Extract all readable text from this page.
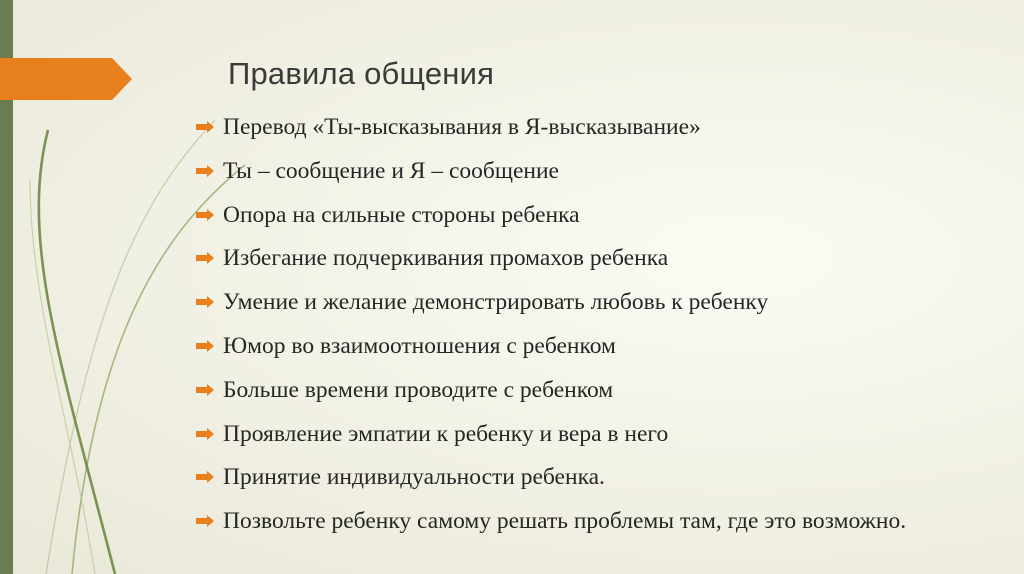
Правила общения
Перевод «Ты-высказывания в Я-высказывание»
Ты – сообщение и Я – сообщение
Опора на сильные стороны ребенка
Избегание подчеркивания промахов ребенка
Умение и желание демонстрировать любовь к ребенку
Юмор во взаимоотношения с ребенком
Больше времени проводите с ребенком
Проявление эмпатии к ребенку и вера в него
Принятие индивидуальности ребенка.
Позвольте ребенку самому решать проблемы там, где это возможно.
